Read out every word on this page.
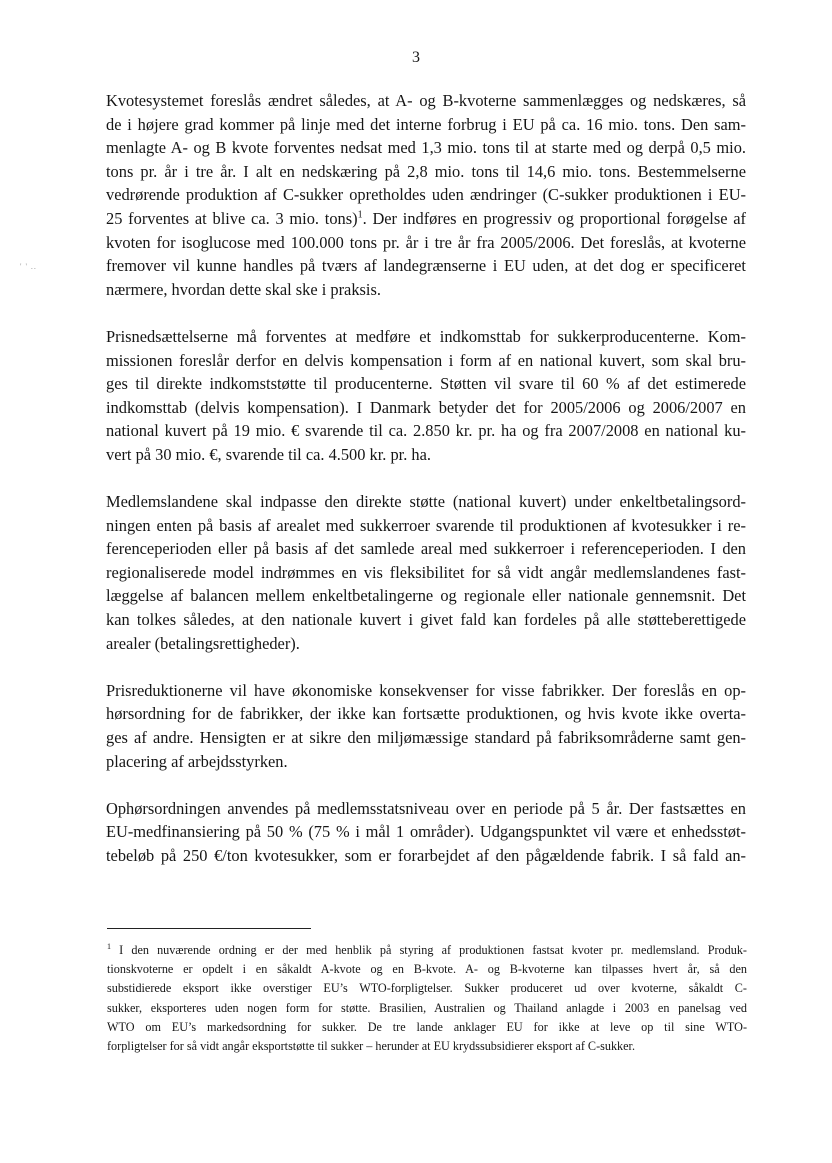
3
' ' ..

Kvotesystemet foreslås ændret således, at A- og B-kvoterne sammenlægges og nedskæres, så
de i højere grad kommer på linje med det interne forbrug i EU på ca. 16 mio. tons. Den sam-
menlagte A- og B kvote forventes nedsat med 1,3 mio. tons til at starte med og derpå 0,5 mio.
tons pr. år i tre år. I alt en nedskæring på 2,8 mio. tons til 14,6 mio. tons. Bestemmelserne
vedrørende produktion af C-sukker opretholdes uden ændringer (C-sukker produktionen i EU-
25 forventes at blive ca. 3 mio. tons)$^1$. Der indføres en progressiv og proportional forøgelse af
kvoten for isoglucose med 100.000 tons pr. år i tre år fra 2005/2006. Det foreslås, at kvoterne
fremover vil kunne handles på tværs af landegrænserne i EU uden, at det dog er specificeret
nærmere, hvordan dette skal ske i praksis.

Prisnedsættelserne må forventes at medføre et indkomsttab for sukkerproducenterne. Kom-
missionen foreslår derfor en delvis kompensation i form af en national kuvert, som skal bru-
ges til direkte indkomststøtte til producenterne. Støtten vil svare til 60 % af det estimerede
indkomsttab (delvis kompensation). I Danmark betyder det for 2005/2006 og 2006/2007 en
national kuvert på 19 mio. € svarende til ca. 2.850 kr. pr. ha og fra 2007/2008 en national ku-
vert på 30 mio. €, svarende til ca. 4.500 kr. pr. ha.

Medlemslandene skal indpasse den direkte støtte (national kuvert) under enkeltbetalingsord-
ningen enten på basis af arealet med sukkerroer svarende til produktionen af kvotesukker i re-
ferenceperioden eller på basis af det samlede areal med sukkerroer i referenceperioden. I den
regionaliserede model indrømmes en vis fleksibilitet for så vidt angår medlemslandenes fast-
læggelse af balancen mellem enkeltbetalingerne og regionale eller nationale gennemsnit. Det
kan tolkes således, at den nationale kuvert i givet fald kan fordeles på alle støtteberettigede
arealer (betalingsrettigheder).

Prisreduktionerne vil have økonomiske konsekvenser for visse fabrikker. Der foreslås en op-
hørsordning for de fabrikker, der ikke kan fortsætte produktionen, og hvis kvote ikke overta-
ges af andre. Hensigten er at sikre den miljømæssige standard på fabriksområderne samt gen-
placering af arbejdsstyrken.

Ophørsordningen anvendes på medlemsstatsniveau over en periode på 5 år. Der fastsættes en
EU-medfinansiering på 50 % (75 % i mål 1 områder). Udgangspunktet vil være et enhedsstøt-
tebeløb på 250 €/ton kvotesukker, som er forarbejdet af den pågældende fabrik. I så fald an-

$^1$ I den nuværende ordning er der med henblik på styring af produktionen fastsat kvoter pr. medlemsland. Produk-
tionskvoterne er opdelt i en såkaldt A-kvote og en B-kvote. A- og B-kvoterne kan tilpasses hvert år, så den
substidierede eksport ikke overstiger EU’s WTO-forpligtelser. Sukker produceret ud over kvoterne, såkaldt C-
sukker, eksporteres uden nogen form for støtte. Brasilien, Australien og Thailand anlagde i 2003 en panelsag ved
WTO om EU’s markedsordning for sukker. De tre lande anklager EU for ikke at leve op til sine WTO-
forpligtelser for så vidt angår eksportstøtte til sukker – herunder at EU krydssubsidierer eksport af C-sukker.
